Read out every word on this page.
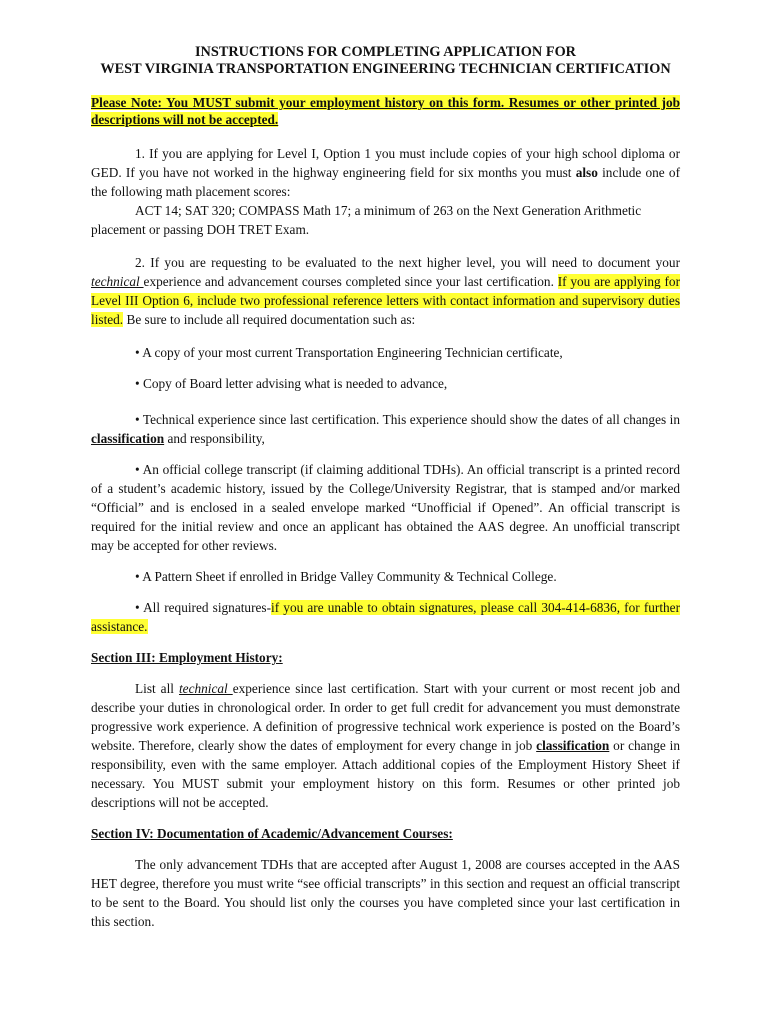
INSTRUCTIONS FOR COMPLETING APPLICATION FOR

WEST VIRGINIA TRANSPORTATION ENGINEERING TECHNICIAN CERTIFICATION

Please Note: You MUST submit your employment history on this form. Resumes or other printed job descriptions will not be accepted.

1. If you are applying for Level I, Option 1 you must include copies of your high school diploma or GED. If you have not worked in the highway engineering field for six months you must also include one of the following math placement scores:

ACT 14; SAT 320; COMPASS Math 17; a minimum of 263 on the Next Generation Arithmetic

placement or passing DOH TRET Exam.

2. If you are requesting to be evaluated to the next higher level, you will need to document your technical experience and advancement courses completed since your last certification. If you are applying for Level III Option 6, include two professional reference letters with contact information and supervisory duties listed. Be sure to include all required documentation such as:

• A copy of your most current Transportation Engineering Technician certificate,

• Copy of Board letter advising what is needed to advance,

• Technical experience since last certification. This experience should show the dates of all changes in classification and responsibility,

• An official college transcript (if claiming additional TDHs). An official transcript is a printed record of a student’s academic history, issued by the College/University Registrar, that is stamped and/or marked “Official” and is enclosed in a sealed envelope marked “Unofficial if Opened”. An official transcript is required for the initial review and once an applicant has obtained the AAS degree. An unofficial transcript may be accepted for other reviews.

• A Pattern Sheet if enrolled in Bridge Valley Community & Technical College.

• All required signatures-if you are unable to obtain signatures, please call 304-414-6836, for further assistance.

Section III: Employment History:

List all technical experience since last certification. Start with your current or most recent job and describe your duties in chronological order. In order to get full credit for advancement you must demonstrate progressive work experience. A definition of progressive technical work experience is posted on the Board’s website. Therefore, clearly show the dates of employment for every change in job classification or change in responsibility, even with the same employer. Attach additional copies of the Employment History Sheet if necessary. You MUST submit your employment history on this form. Resumes or other printed job descriptions will not be accepted.

Section IV: Documentation of Academic/Advancement Courses:

The only advancement TDHs that are accepted after August 1, 2008 are courses accepted in the AAS HET degree, therefore you must write “see official transcripts” in this section and request an official transcript to be sent to the Board. You should list only the courses you have completed since your last certification in this section.
